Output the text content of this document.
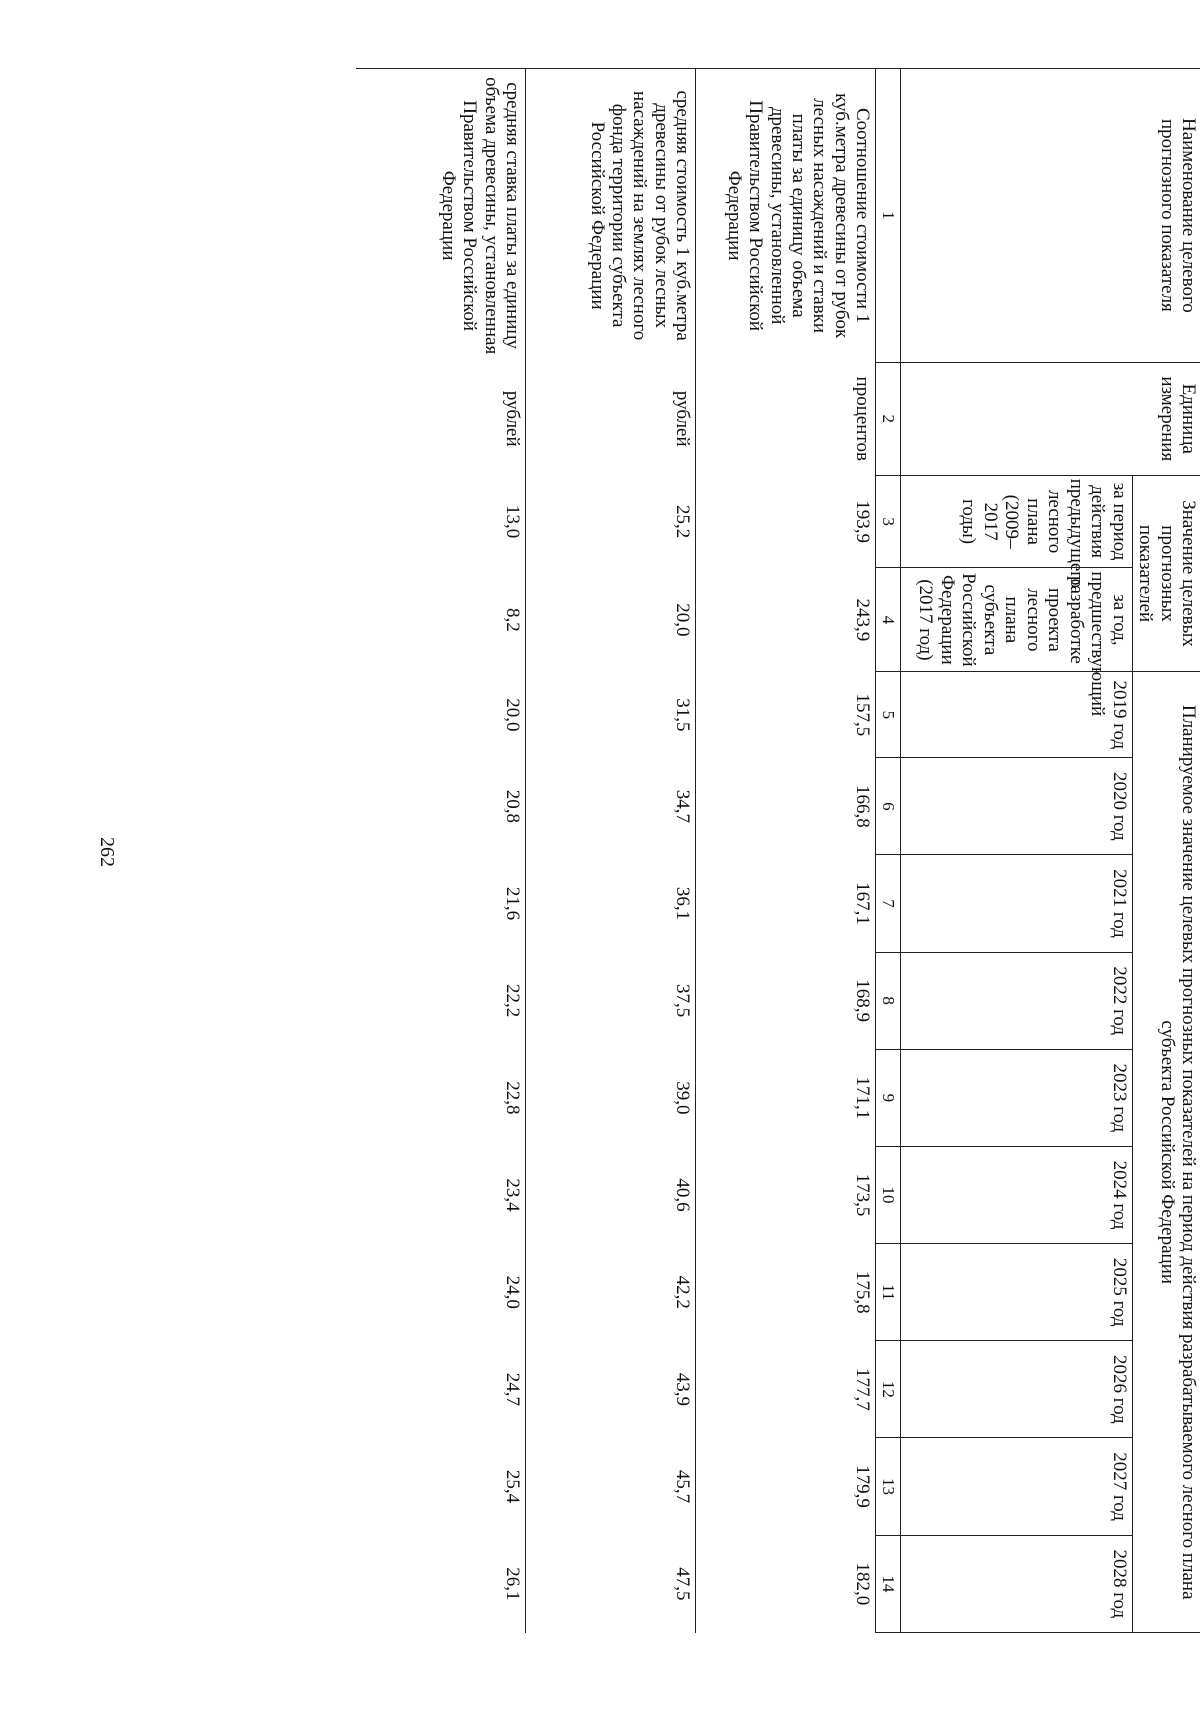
262
Наименование целевого прогнозного показателя	Единица измерения	Значение целевых прогнозных показателей		Планируемое значение целевых прогнозных показателей на период действия разрабатываемого лесного плана субъекта Российской Федерации									
		за период действия предыдущего лесного плана (2009–2017 годы)	за год, предшествующий разработке проекта лесного плана субъекта Российской Федерации (2017 год)	2019 год	2020 год	2021 год	2022 год	2023 год	2024 год	2025 год	2026 год	2027 год	2028 год
1	2	3	4	5	6	7	8	9	10	11	12	13	14
Соотношение стоимости 1 куб.метра древесины от рубок лесных насаждений и ставки платы за единицу объема древесины, установленной Правительством Российской Федерации	процентов	193,9	243,9	157,5	166,8	167,1	168,9	171,1	173,5	175,8	177,7	179,9	182,0
средняя стоимость 1 куб.метра древесины от рубок лесных насаждений на землях лесного фонда территории субъекта Российской Федерации	рублей	25,2	20,0	31,5	34,7	36,1	37,5	39,0	40,6	42,2	43,9	45,7	47,5
средняя ставка платы за единицу объема древесины, установленная Правительством Российской Федерации	рублей	13,0	8,2	20,0	20,8	21,6	22,2	22,8	23,4	24,0	24,7	25,4	26,1
